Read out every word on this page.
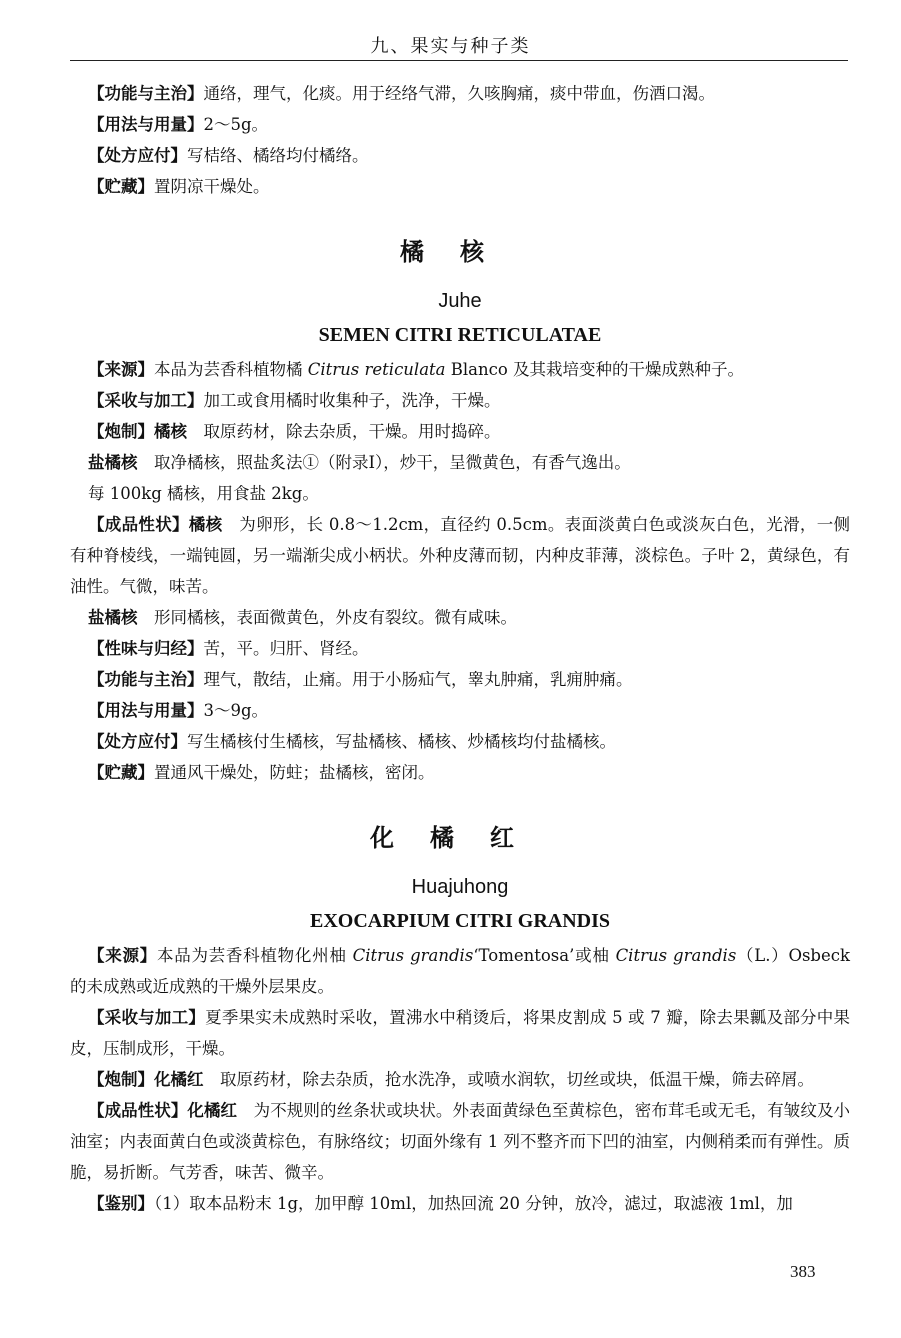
九、果实与种子类

【功能与主治】通络，理气，化痰。用于经络气滞，久咳胸痛，痰中带血，伤酒口渴。

【用法与用量】2～5g。

【处方应付】写桔络、橘络均付橘络。

【贮藏】置阴凉干燥处。

橘核
Juhe
SEMEN CITRI RETICULATAE

【来源】本品为芸香科植物橘 Citrus reticulata Blanco 及其栽培变种的干燥成熟种子。

【采收与加工】加工或食用橘时收集种子，洗净，干燥。

【炮制】橘核　取原药材，除去杂质，干燥。用时捣碎。

盐橘核　取净橘核，照盐炙法①（附录Ⅰ），炒干，呈微黄色，有香气逸出。

每 100kg 橘核，用食盐 2kg。

【成品性状】橘核　为卵形，长 0.8～1.2cm，直径约 0.5cm。表面淡黄白色或淡灰白色，光滑，一侧有种脊棱线，一端钝圆，另一端渐尖成小柄状。外种皮薄而韧，内种皮菲薄，淡棕色。子叶 2，黄绿色，有油性。气微，味苦。

盐橘核　形同橘核，表面微黄色，外皮有裂纹。微有咸味。

【性味与归经】苦，平。归肝、肾经。

【功能与主治】理气，散结，止痛。用于小肠疝气，睾丸肿痛，乳痈肿痛。

【用法与用量】3～9g。

【处方应付】写生橘核付生橘核，写盐橘核、橘核、炒橘核均付盐橘核。

【贮藏】置通风干燥处，防蛀；盐橘核，密闭。

化橘红
Huajuhong
EXOCARPIUM CITRI GRANDIS

【来源】本品为芸香科植物化州柚 Citrus grandis‘Tomentosa’或柚 Citrus grandis（L.）Osbeck 的未成熟或近成熟的干燥外层果皮。

【采收与加工】夏季果实未成熟时采收，置沸水中稍烫后，将果皮割成 5 或 7 瓣，除去果瓤及部分中果皮，压制成形，干燥。

【炮制】化橘红　取原药材，除去杂质，抢水洗净，或喷水润软，切丝或块，低温干燥，筛去碎屑。

【成品性状】化橘红　为不规则的丝条状或块状。外表面黄绿色至黄棕色，密布茸毛或无毛，有皱纹及小油室；内表面黄白色或淡黄棕色，有脉络纹；切面外缘有 1 列不整齐而下凹的油室，内侧稍柔而有弹性。质脆，易折断。气芳香，味苦、微辛。

【鉴别】（1）取本品粉末 1g，加甲醇 10ml，加热回流 20 分钟，放冷，滤过，取滤液 1ml，加

383
